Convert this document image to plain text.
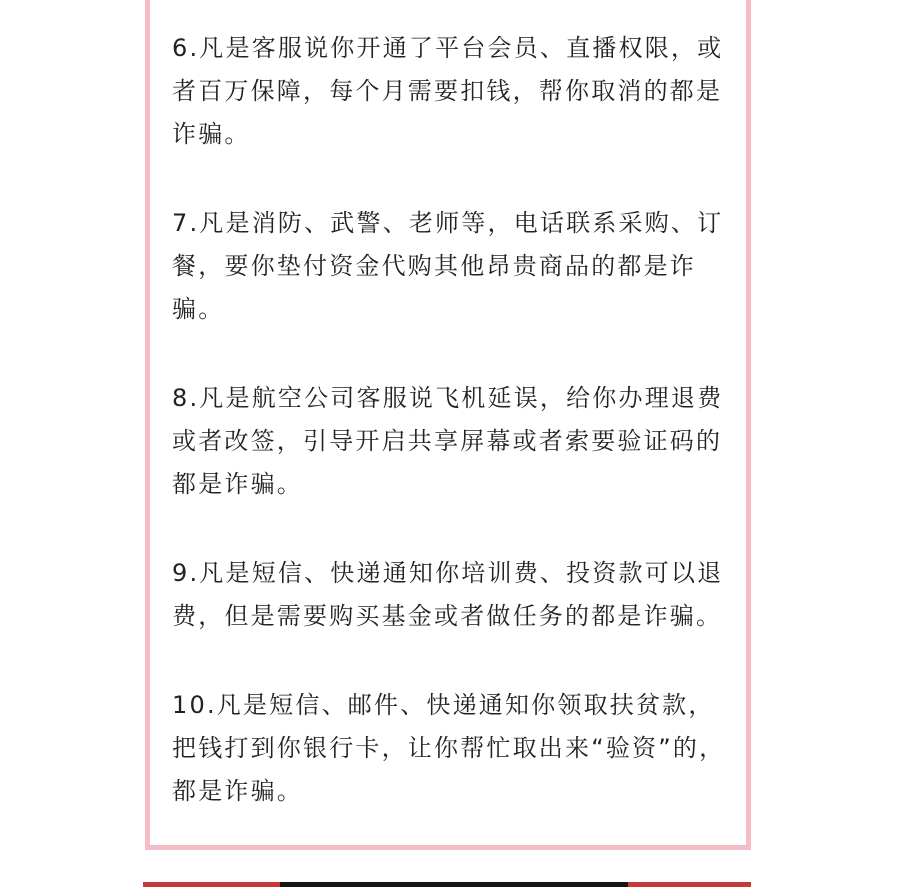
6.凡是客服说你开通了平台会员、直播权限，或者百万保障，每个月需要扣钱，帮你取消的都是诈骗。
7.凡是消防、武警、老师等，电话联系采购、订餐，要你垫付资金代购其他昂贵商品的都是诈骗。
8.凡是航空公司客服说飞机延误，给你办理退费或者改签，引导开启共享屏幕或者索要验证码的都是诈骗。
9.凡是短信、快递通知你培训费、投资款可以退费，但是需要购买基金或者做任务的都是诈骗。
10.凡是短信、邮件、快递通知你领取扶贫款，把钱打到你银行卡，让你帮忙取出来“验资”的，都是诈骗。
